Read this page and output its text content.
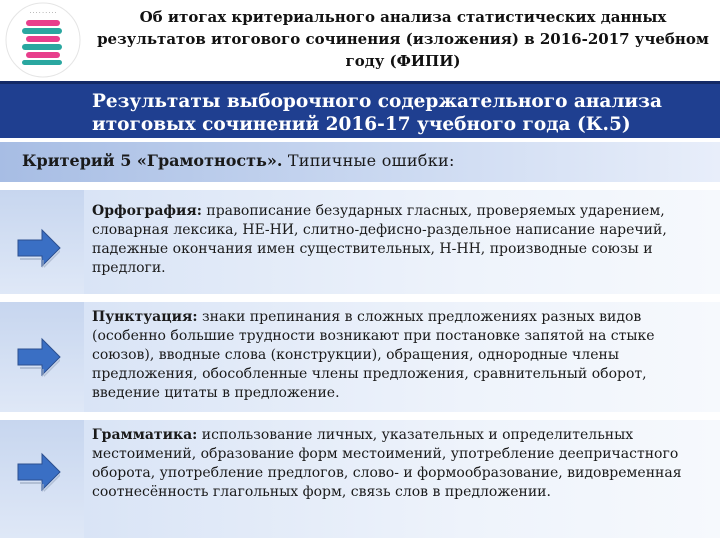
· · · · · · · · ·	Об итогах критериального анализа статистических данных результатов итогового сочинения (изложения) в 2016-2017 учебном году (ФИПИ)
Результаты выборочного содержательного анализа итоговых сочинений 2016-17 учебного года (К.5)
Критерий 5 «Грамотность». Типичные ошибки:
Орфография: правописание безударных гласных, проверяемых ударением, словарная лексика, НЕ-НИ, слитно-дефисно-раздельное написание наречий, падежные окончания имен существительных, Н-НН, производные союзы и предлоги.
Пунктуация: знаки препинания в сложных предложениях разных видов (особенно большие трудности возникают при постановке запятой на стыке союзов), вводные слова (конструкции), обращения, однородные члены предложения, обособленные члены предложения, сравнительный оборот, введение цитаты в предложение.
Грамматика: использование личных, указательных и определительных местоимений, образование форм местоимений, употребление деепричастного оборота, употребление предлогов, слово- и формообразование, видовременная соотнесённость глагольных форм, связь слов в предложении.
